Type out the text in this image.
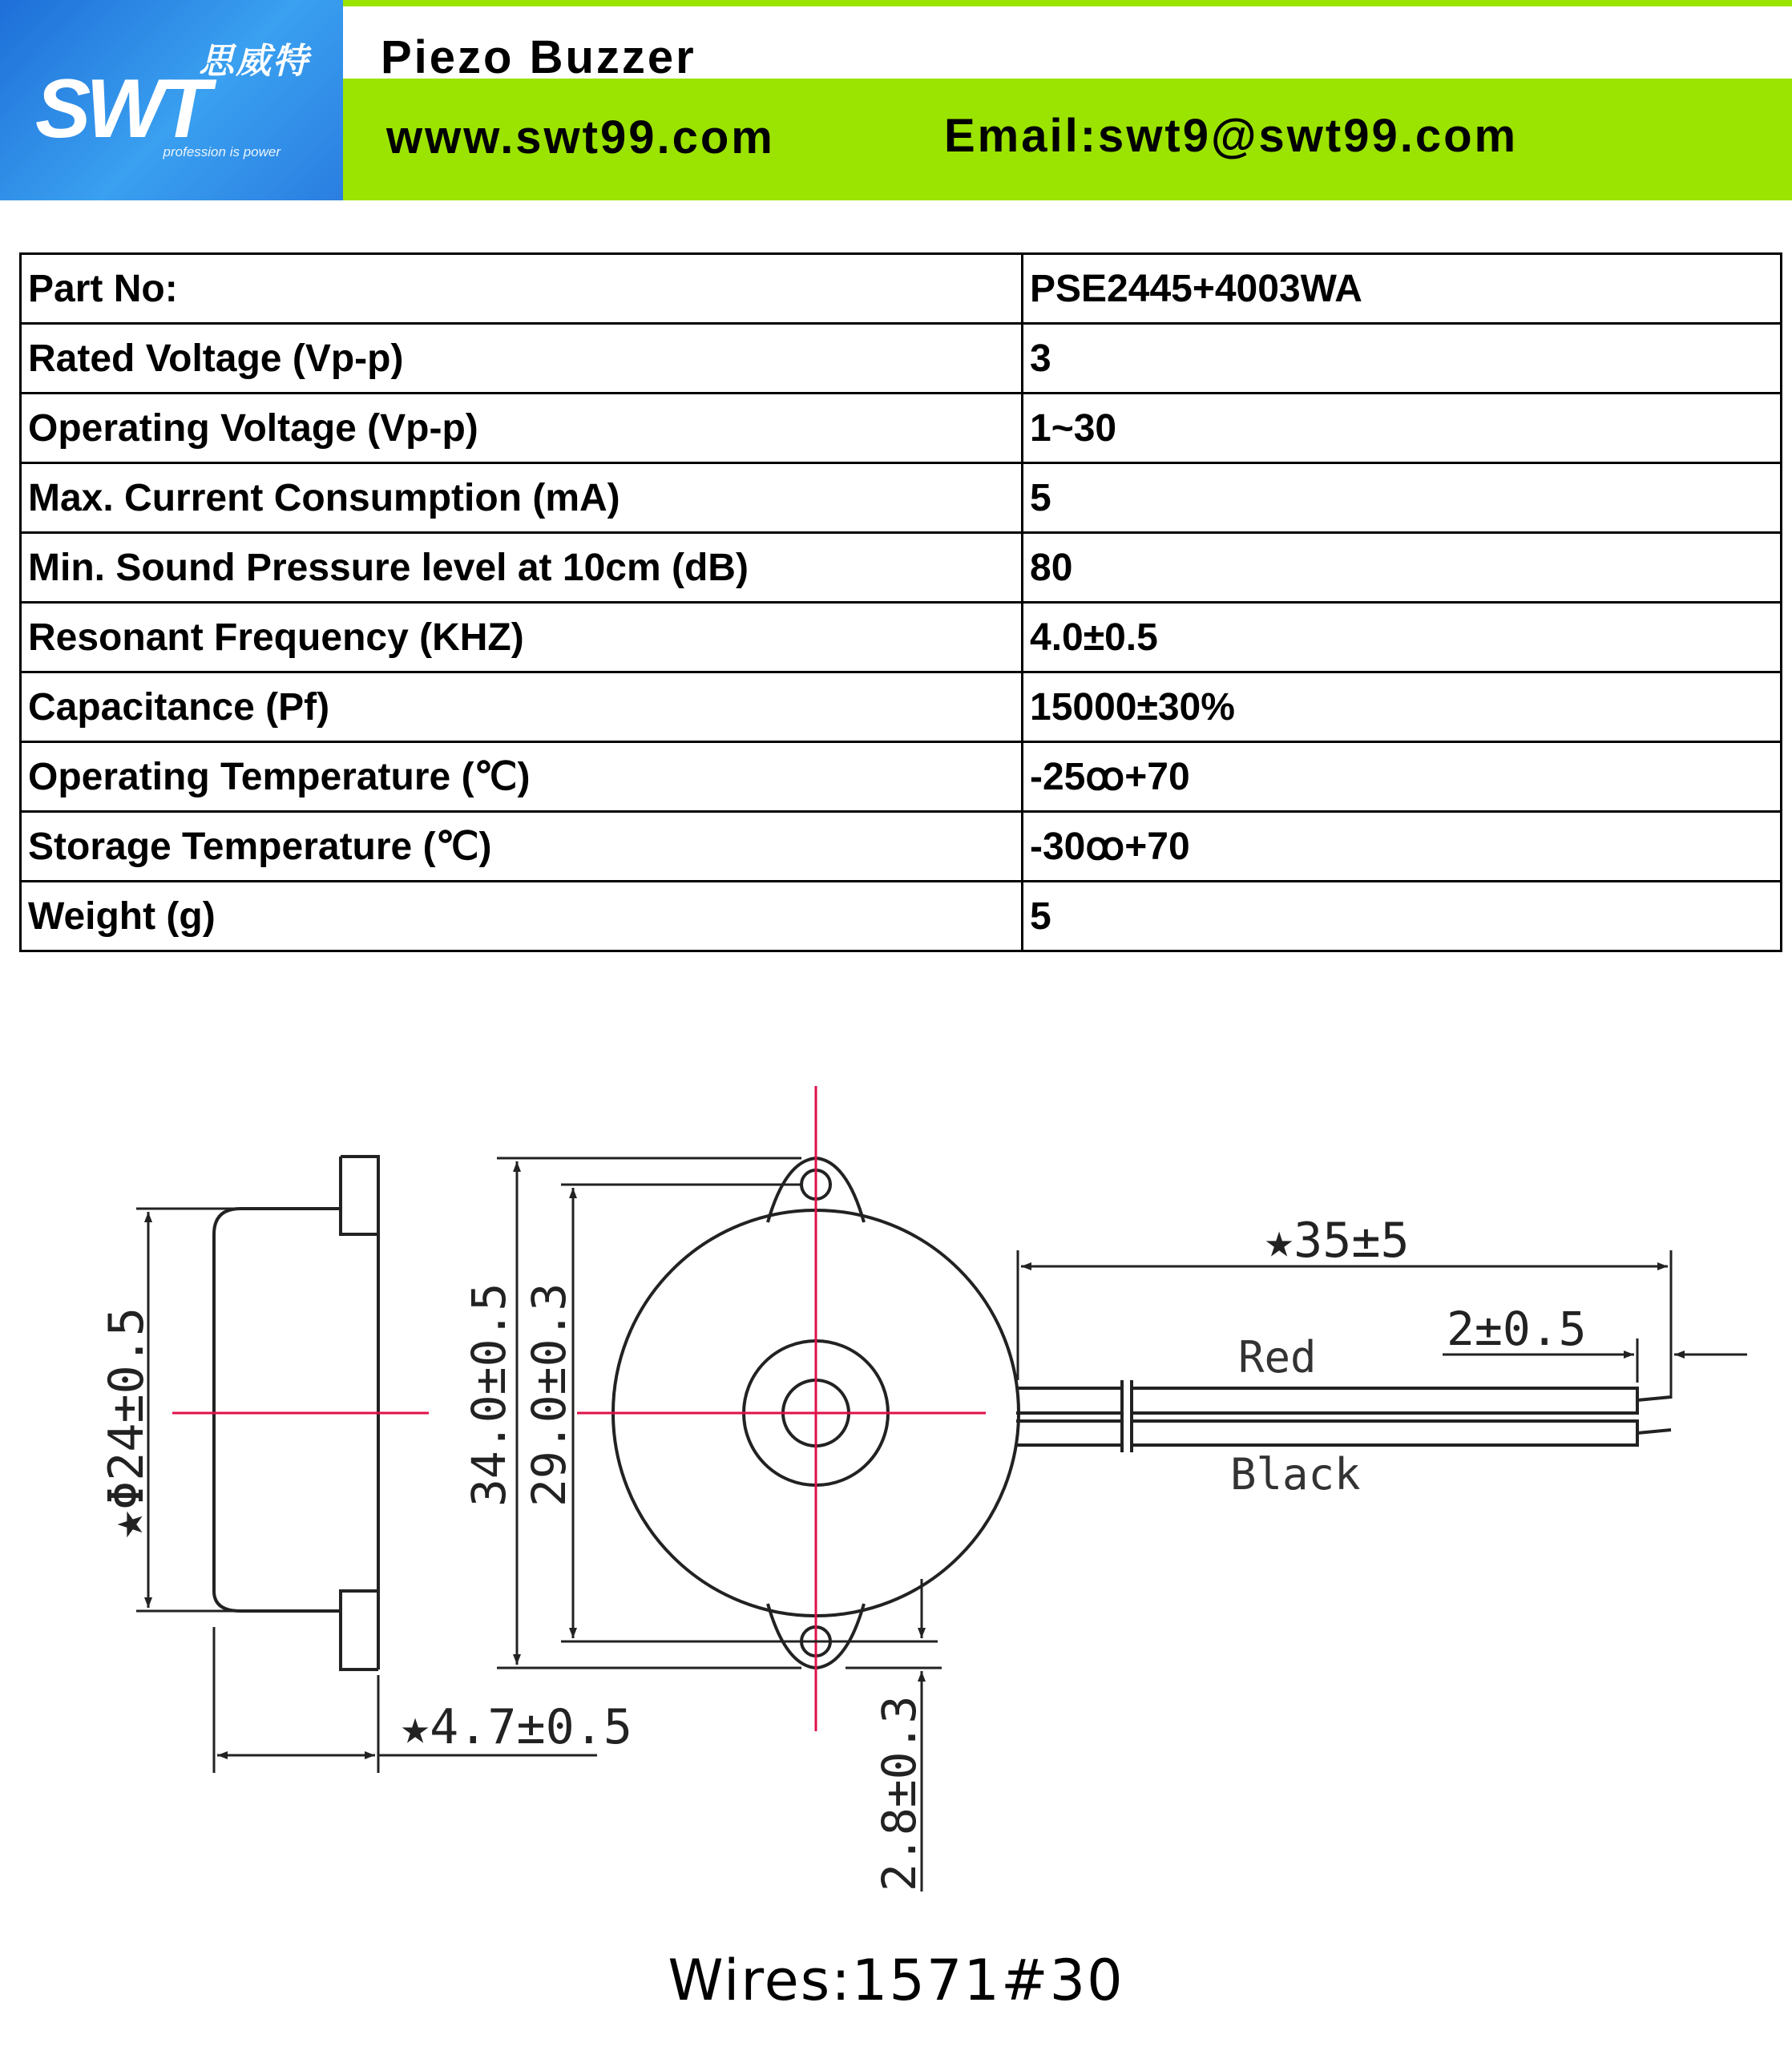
思威特
SWT
profession is power
Piezo Buzzer
www.swt99.com	Email:swt9@swt99.com
Part No:	PSE2445+4003WA
Rated Voltage (Vp-p)	3
Operating Voltage (Vp-p)	1~30
Max. Current Consumption (mA)	5
Min. Sound Pressure level at 10cm (dB)	80
Resonant Frequency (KHZ)	4.0±0.5
Capacitance (Pf)	15000±30%
Operating Temperature (℃)	-25ꝏ+70
Storage Temperature (℃)	-30ꝏ+70
Weight (g)	5
★Φ24±0.5
★4.7±0.5
34.0±0.5 29.0±0.3
2.8±0.3
Red
Black
★35±5
2±0.5
Wires:1571#30
